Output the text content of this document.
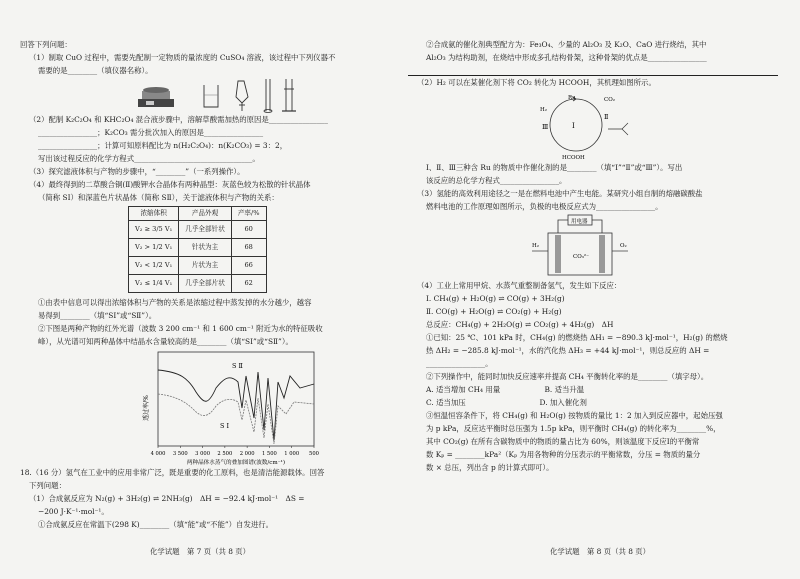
回答下列问题：

（1）制取 CuO 过程中，需要先配制一定物质的量浓度的 CuSO₄ 溶液，该过程中下列仪器不

需要的是________（填仪器名称）。

（2）配制 K₂C₂O₄ 和 KHC₂O₄ 混合液步骤中，溶解草酸需加热的原因是________________

________________；K₂CO₃ 需分批次加入的原因是________________

________________；计算可知原料配比为 n(H₂C₂O₄)：n(K₂CO₃) = 3：2，

写出该过程反应的化学方程式________________________________。

（3）探究滤液体积与产物的步骤中，“________”（一系列操作）。

（4）最终得到的二草酸合铜(Ⅱ)酸钾水合晶体有两种晶型：灰蓝色较为松散的针状晶体

（简称 SⅠ）和深蓝色片状晶体（简称 SⅡ），关于滤液体积与产物的关系：

浓缩体积	产品外观	产率/%
V₂ ≥ 3/5 V₁	几乎全部针状	60
V₂ > 1/2 V₁	针状为主	68
V₂ < 1/2 V₁	片状为主	66
V₂ ≤ 1/4 V₁	几乎全部片状	62

①由表中信息可以得出浓缩体积与产物的关系是浓缩过程中蒸发掉的水分越少，越容

易得到________（填“SⅠ”或“SⅡ”）。

②下图是两种产物的红外光谱（波数 3 200 cm⁻¹ 和 1 600 cm⁻¹ 附近为水的特征吸收

峰），从光谱可知两种晶体中结晶水含量较高的是________（填“SⅠ”或“SⅡ”）。

透过率/%
S Ⅱ
S Ⅰ
4 000 3 500 3 000 2 500 2 000 1 500 1 000 500
两种晶体水蒸气的叠加图谱(波数/cm⁻¹)

18.（16 分）氢气在工业中的应用非常广泛，既是重要的化工原料，也是清洁能源载体。回答

下列问题：

（1）合成氨反应为 N₂(g) + 3H₂(g) ⇌ 2NH₃(g)　ΔH = −92.4 kJ·mol⁻¹　ΔS =

−200 J·K⁻¹·mol⁻¹。

①合成氨反应在常温下(298 K)________（填“能”或“不能”）自发进行。

化学试题　第 7 页（共 8 页）

②合成氨的催化剂典型配方为：Fe₃O₄、少量的 Al₂O₃ 及 K₂O、CaO 进行烧结，其中

Al₂O₃ 为结构助剂，在烧结中形成多孔结构骨架，这种骨架的优点是________________

（2）H₂ 可以在某催化剂下将 CO₂ 转化为 HCOOH，其机理如图所示。

Ⅰ
Ⅲ
Ⅱ
Ru	CO₂
H₂
HCOOH

Ⅰ、Ⅱ、Ⅲ三种含 Ru 的物质中作催化剂的是________（填“Ⅰ”“Ⅱ”或“Ⅲ”）。写出

该反应的总化学方程式________________。

（3）氢能的高效利用途径之一是在燃料电池中产生电能。某研究小组自制的熔融碳酸盐

燃料电池的工作原理如图所示，负极的电极反应式为________________。

用电器
CO₃²⁻
H₂	O₂

（4）工业上常用甲烷、水蒸气重整制备氢气，发生如下反应：

Ⅰ. CH₄(g) + H₂O(g) ⇌ CO(g) + 3H₂(g)

Ⅱ. CO(g) + H₂O(g) ⇌ CO₂(g) + H₂(g)

总反应：CH₄(g) + 2H₂O(g) ⇌ CO₂(g) + 4H₂(g)　ΔH

①已知：25 ℃、101 kPa 时，CH₄(g) 的燃烧热 ΔH₁ = −890.3 kJ·mol⁻¹，H₂(g) 的燃烧

热 ΔH₂ = −285.8 kJ·mol⁻¹，水的汽化热 ΔH₃ = +44 kJ·mol⁻¹，则总反应的 ΔH =

________________。

②下列操作中，能同时加快反应速率并提高 CH₄ 平衡转化率的是________（填字母）。

A. 适当增加 CH₄ 用量　　　　　　B. 适当升温

C. 适当加压　　　　　　　　　　D. 加入催化剂

③恒温恒容条件下，将 CH₄(g) 和 H₂O(g) 按物质的量比 1：2 加入到反应器中，起始压强

为 p kPa，反应达平衡时总压强为 1.5p kPa，则平衡时 CH₄(g) 的转化率为________%，

其中 CO₂(g) 在所有含碳物质中的物质的量占比为 60%，则该温度下反应Ⅰ的平衡常

数 Kₚ = ________kPa²（Kₚ 为用各物种的分压表示的平衡常数，分压 = 物质的量分

数 × 总压，列出含 p 的计算式即可）。

化学试题　第 8 页（共 8 页）
